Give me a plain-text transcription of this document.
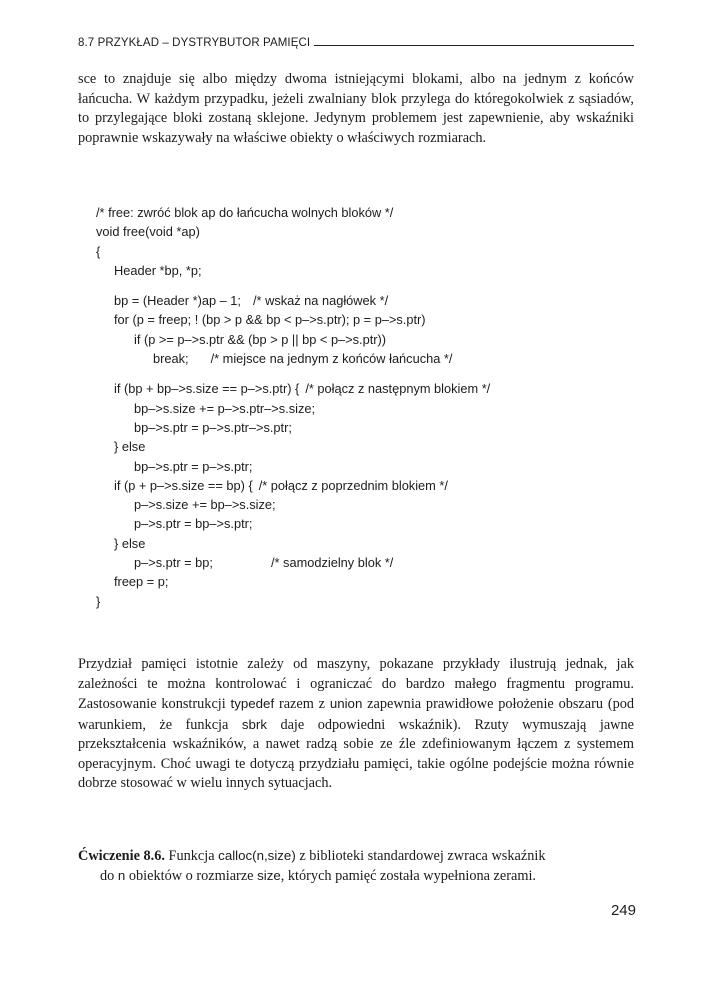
8.7 PRZYKŁAD – DYSTRYBUTOR PAMIĘCI

sce to znajduje się albo między dwoma istniejącymi blokami, albo na jednym z końców łańcucha. W każdym przypadku, jeżeli zwalniany blok przylega do któregokolwiek z sąsiadów, to przylegające bloki zostaną sklejone. Jedynym problemem jest zapewnienie, aby wskaźniki poprawnie wskazywały na właściwe obiekty o właściwych rozmiarach.

/* free: zwróć blok ap do łańcucha wolnych bloków */
void free(void *ap)
{
Header *bp, *p;
bp = (Header *)ap – 1; /* wskaż na nagłówek */
for (p = freep; ! (bp > p && bp < p–>s.ptr); p = p–>s.ptr)
if (p >= p–>s.ptr && (bp > p || bp < p–>s.ptr))
break; /* miejsce na jednym z końców łańcucha */
if (bp + bp–>s.size == p–>s.ptr) { /* połącz z następnym blokiem */
bp–>s.size += p–>s.ptr–>s.size;
bp–>s.ptr = p–>s.ptr–>s.ptr;
} else
bp–>s.ptr = p–>s.ptr;
if (p + p–>s.size == bp) { /* połącz z poprzednim blokiem */
p–>s.size += bp–>s.size;
p–>s.ptr = bp–>s.ptr;
} else
p–>s.ptr = bp;	/* samodzielny blok */
freep = p;
}

Przydział pamięci istotnie zależy od maszyny, pokazane przykłady ilustrują jednak, jak zależności te można kontrolować i ograniczać do bardzo małego fragmentu programu. Zastosowanie konstrukcji typedef razem z union zapewnia prawidłowe położenie obszaru (pod warunkiem, że funkcja sbrk daje odpowiedni wskaźnik). Rzuty wymuszają jawne przekształcenia wskaźników, a nawet radzą sobie ze źle zdefiniowanym łączem z systemem operacyjnym. Choć uwagi te dotyczą przydziału pamięci, takie ogólne podejście można równie dobrze stosować w wielu innych sytuacjach.

Ćwiczenie 8.6. Funkcja calloc(n,size) z biblioteki standardowej zwraca wskaźnik
do n obiektów o rozmiarze size, których pamięć została wypełniona zerami.
249
